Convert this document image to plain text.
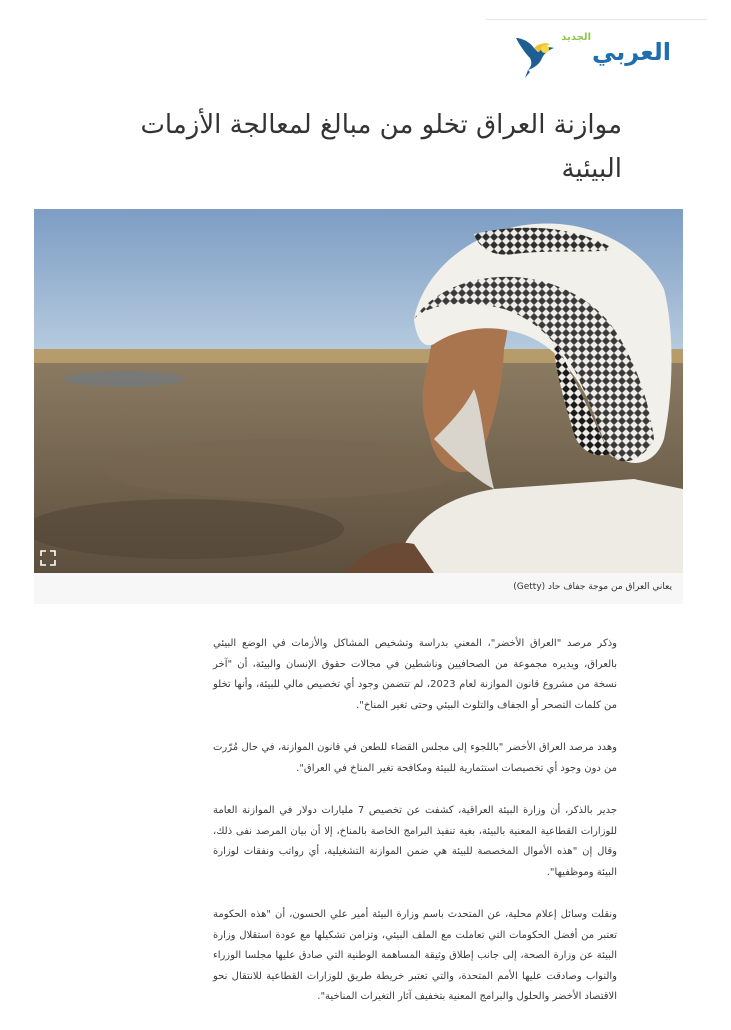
الجديد
العربي
موازنة العراق تخلو من مبالغ لمعالجة الأزمات البيئية
يعاني العراق من موجة جفاف حاد (Getty)

وذكر مرصد "العراق الأخضر"، المعني بدراسة وتشخيص المشاكل والأزمات في الوضع البيئي بالعراق، ويديره مجموعة من الصحافيين وناشطين في مجالات حقوق الإنسان والبيئة، أن "آخر نسخة من مشروع قانون الموازنة لعام 2023، لم تتضمن وجود أي تخصيص مالي للبيئة، وأنها تخلو من كلمات التصحر أو الجفاف والتلوث البيئي وحتى تغير المناخ".

وهدد مرصد العراق الأخضر "باللجوء إلى مجلس القضاء للطعن في قانون الموازنة، في حال مُرّرت من دون وجود أي تخصيصات استثمارية للبيئة ومكافحة تغير المناخ في العراق".

جدير بالذكر، أن وزارة البيئة العراقية، كشفت عن تخصيص 7 مليارات دولار في الموازنة العامة للوزارات القطاعية المعنية بالبيئة، بغية تنفيذ البرامج الخاصة بالمناخ، إلا أن بيان المرصد نفى ذلك، وقال إن "هذه الأموال المخصصة للبيئة هي ضمن الموازنة التشغيلية، أي رواتب ونفقات لوزارة البيئة وموظفيها".

ونقلت وسائل إعلام محلية، عن المتحدث باسم وزارة البيئة أمير علي الحسون، أن "هذه الحكومة تعتبر من أفضل الحكومات التي تعاملت مع الملف البيئي، وتزامن تشكيلها مع عودة استقلال وزارة البيئة عن وزارة الصحة، إلى جانب إطلاق وثيقة المساهمة الوطنية التي صادق عليها مجلسا الوزراء والنواب وصادقت عليها الأمم المتحدة، والتي تعتبر خريطة طريق للوزارات القطاعية للانتقال نحو الاقتصاد الأخضر والحلول والبرامج المعنية بتخفيف آثار التغيرات المناخية".
